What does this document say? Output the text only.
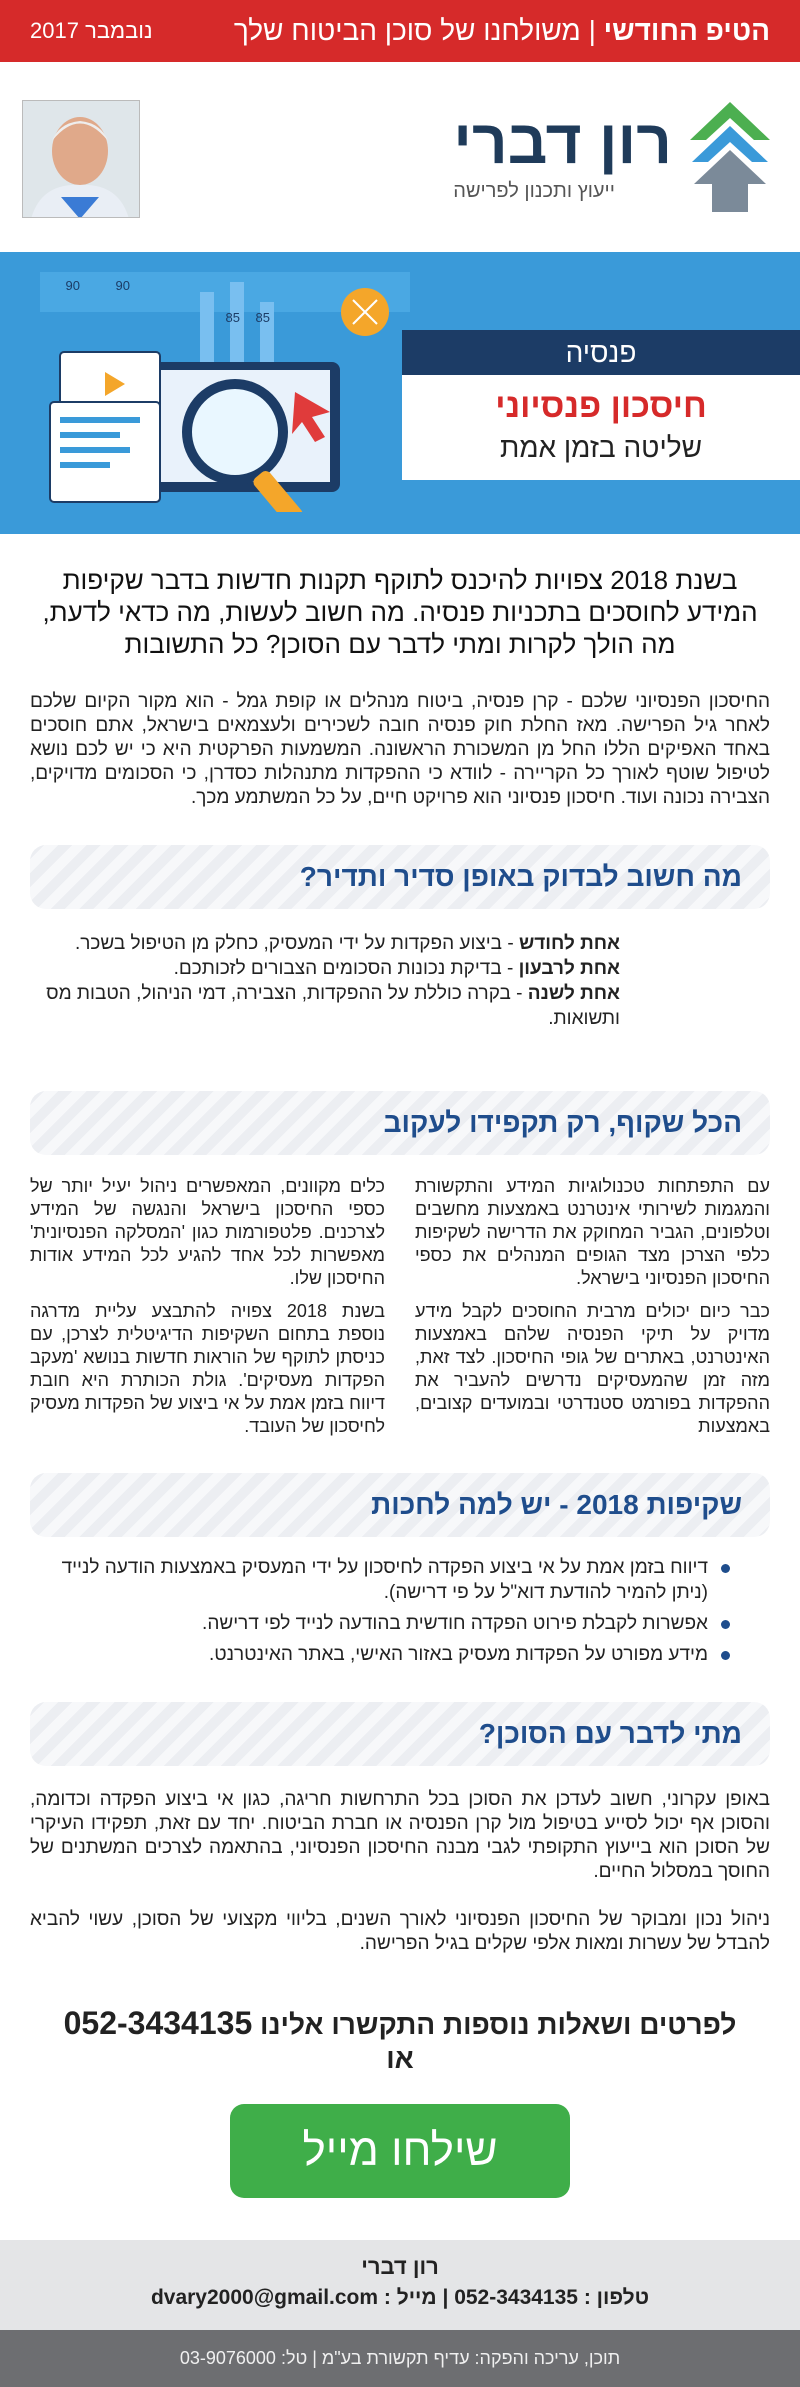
הטיפ החודשי | משולחנו של סוכן הביטוח שלך
נובמבר 2017
רון דברי
ייעוץ ותכנון לפרישה
90	90
85 85
פנסיה
חיסכון פנסיוני
שליטה בזמן אמת

בשנת 2018 צפויות להיכנס לתוקף תקנות חדשות בדבר שקיפות המידע לחוסכים בתכניות פנסיה. מה חשוב לעשות, מה כדאי לדעת, מה הולך לקרות ומתי לדבר עם הסוכן? כל התשובות

החיסכון הפנסיוני שלכם - קרן פנסיה, ביטוח מנהלים או קופת גמל - הוא מקור הקיום שלכם לאחר גיל הפרישה. מאז החלת חוק פנסיה חובה לשכירים ולעצמאים בישראל, אתם חוסכים באחד האפיקים הללו החל מן המשכורת הראשונה. המשמעות הפרקטית היא כי יש לכם נושא לטיפול שוטף לאורך כל הקריירה - לוודא כי ההפקדות מתנהלות כסדרן, כי הסכומים מדויקים, הצבירה נכונה ועוד. חיסכון פנסיוני הוא פרויקט חיים, על כל המשתמע מכך.

מה חשוב לבדוק באופן סדיר ותדיר?
אחת לחודש - ביצוע הפקדות על ידי המעסיק, כחלק מן הטיפול בשכר.
אחת לרבעון - בדיקת נכונות הסכומים הצבורים לזכותכם.
אחת לשנה - בקרה כוללת על ההפקדות, הצבירה, דמי הניהול, הטבות מס ותשואות.
הכל שקוף, רק תקפידו לעקוב

עם התפתחות טכנולוגיות המידע והתקשורת והמגמות לשירותי אינטרנט באמצעות מחשבים וטלפונים, הגביר המחוקק את הדרישה לשקיפות כלפי הצרכן מצד הגופים המנהלים את כספי החיסכון הפנסיוני בישראל.

כבר כיום יכולים מרבית החוסכים לקבל מידע מדויק על תיקי הפנסיה שלהם באמצעות האינטרנט, באתרים של גופי החיסכון. לצד זאת, מזה זמן שהמעסיקים נדרשים להעביר את ההפקדות בפורמט סטנדרטי ובמועדים קצובים, באמצעות

כלים מקוונים, המאפשרים ניהול יעיל יותר של כספי החיסכון בישראל והנגשה של המידע לצרכנים. פלטפורמות כגון 'המסלקה הפנסיונית' מאפשרות לכל אחד להגיע לכל המידע אודות החיסכון שלו.

בשנת 2018 צפויה להתבצע עליית מדרגה נוספת בתחום השקיפות הדיגיטלית לצרכן, עם כניסתן לתוקף של הוראות חדשות בנושא 'מעקב הפקדות מעסיקים'. גולת הכותרת היא חובת דיווח בזמן אמת על אי ביצוע של הפקדות מעסיק לחיסכון של העובד.

שקיפות 2018 - יש למה לחכות
דיווח בזמן אמת על אי ביצוע הפקדה לחיסכון על ידי המעסיק באמצעות הודעה לנייד (ניתן להמיר להודעת דוא"ל על פי דרישה).
אפשרות לקבלת פירוט הפקדה חודשית בהודעה לנייד לפי דרישה.
מידע מפורט על הפקדות מעסיק באזור האישי, באתר האינטרנט.
מתי לדבר עם הסוכן?

באופן עקרוני, חשוב לעדכן את הסוכן בכל התרחשות חריגה, כגון אי ביצוע הפקדה וכדומה, והסוכן אף יכול לסייע בטיפול מול קרן הפנסיה או חברת הביטוח. יחד עם זאת, תפקידו העיקרי של הסוכן הוא בייעוץ התקופתי לגבי מבנה החיסכון הפנסיוני, בהתאמה לצרכים המשתנים של החוסך במסלול החיים.

ניהול נכון ומבוקר של החיסכון הפנסיוני לאורך השנים, בליווי מקצועי של הסוכן, עשוי להביא להבדל של עשרות ומאות אלפי שקלים בגיל הפרישה.

לפרטים ושאלות נוספות התקשרו אלינו 052-3434135
או
שילחו מייל
רון דברי
טלפון : 052-3434135 | מייל : dvary2000@gmail.com
תוכן, עריכה והפקה: עדיף תקשורת בע"מ | טל: 03-9076000
